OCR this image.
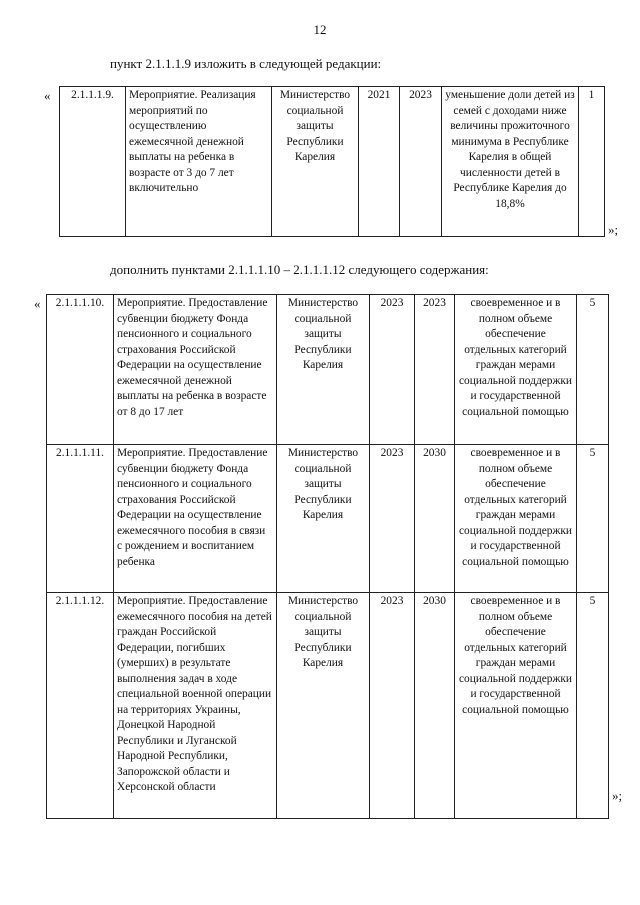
12
пункт 2.1.1.1.9 изложить в следующей редакции:
« 2.1.1.1.9.	Мероприятие. Реализация мероприятий по осуществлению ежемесячной денежной выплаты на ребенка в возрасте от 3 до 7 лет включительно	Министерство социальной защиты Республики Карелия	2021	2023	уменьшение доли детей из семей с доходами ниже величины прожиточного минимума в Республике Карелия в общей численности детей в Республике Карелия до 18,8%	1
»;
дополнить пунктами 2.1.1.1.10 – 2.1.1.1.12 следующего содержания:
« 2.1.1.1.10.	Мероприятие. Предоставление субвенции бюджету Фонда пенсионного и социального страхования Российской Федерации на осуществление ежемесячной денежной выплаты на ребенка в возрасте от 8 до 17 лет	Министерство социальной защиты Республики Карелия	2023	2023	своевременное и в полном объеме обеспечение отдельных категорий граждан мерами социальной поддержки и государственной социальной помощью	5
2.1.1.1.11.	Мероприятие. Предоставление субвенции бюджету Фонда пенсионного и социального страхования Российской Федерации на осуществление ежемесячного пособия в связи с рождением и воспитанием ребенка	Министерство социальной защиты Республики Карелия	2023	2030	своевременное и в полном объеме обеспечение отдельных категорий граждан мерами социальной поддержки и государственной социальной помощью	5
2.1.1.1.12.	Мероприятие. Предоставление ежемесячного пособия на детей граждан Российской Федерации, погибших (умерших) в результате выполнения задач в ходе специальной военной операции на территориях Украины, Донецкой Народной Республики и Луганской Народной Республики, Запорожской области и Херсонской области	Министерство социальной защиты Республики Карелия	2023	2030	своевременное и в полном объеме обеспечение отдельных категорий граждан мерами социальной поддержки и государственной социальной помощью	5
»;
